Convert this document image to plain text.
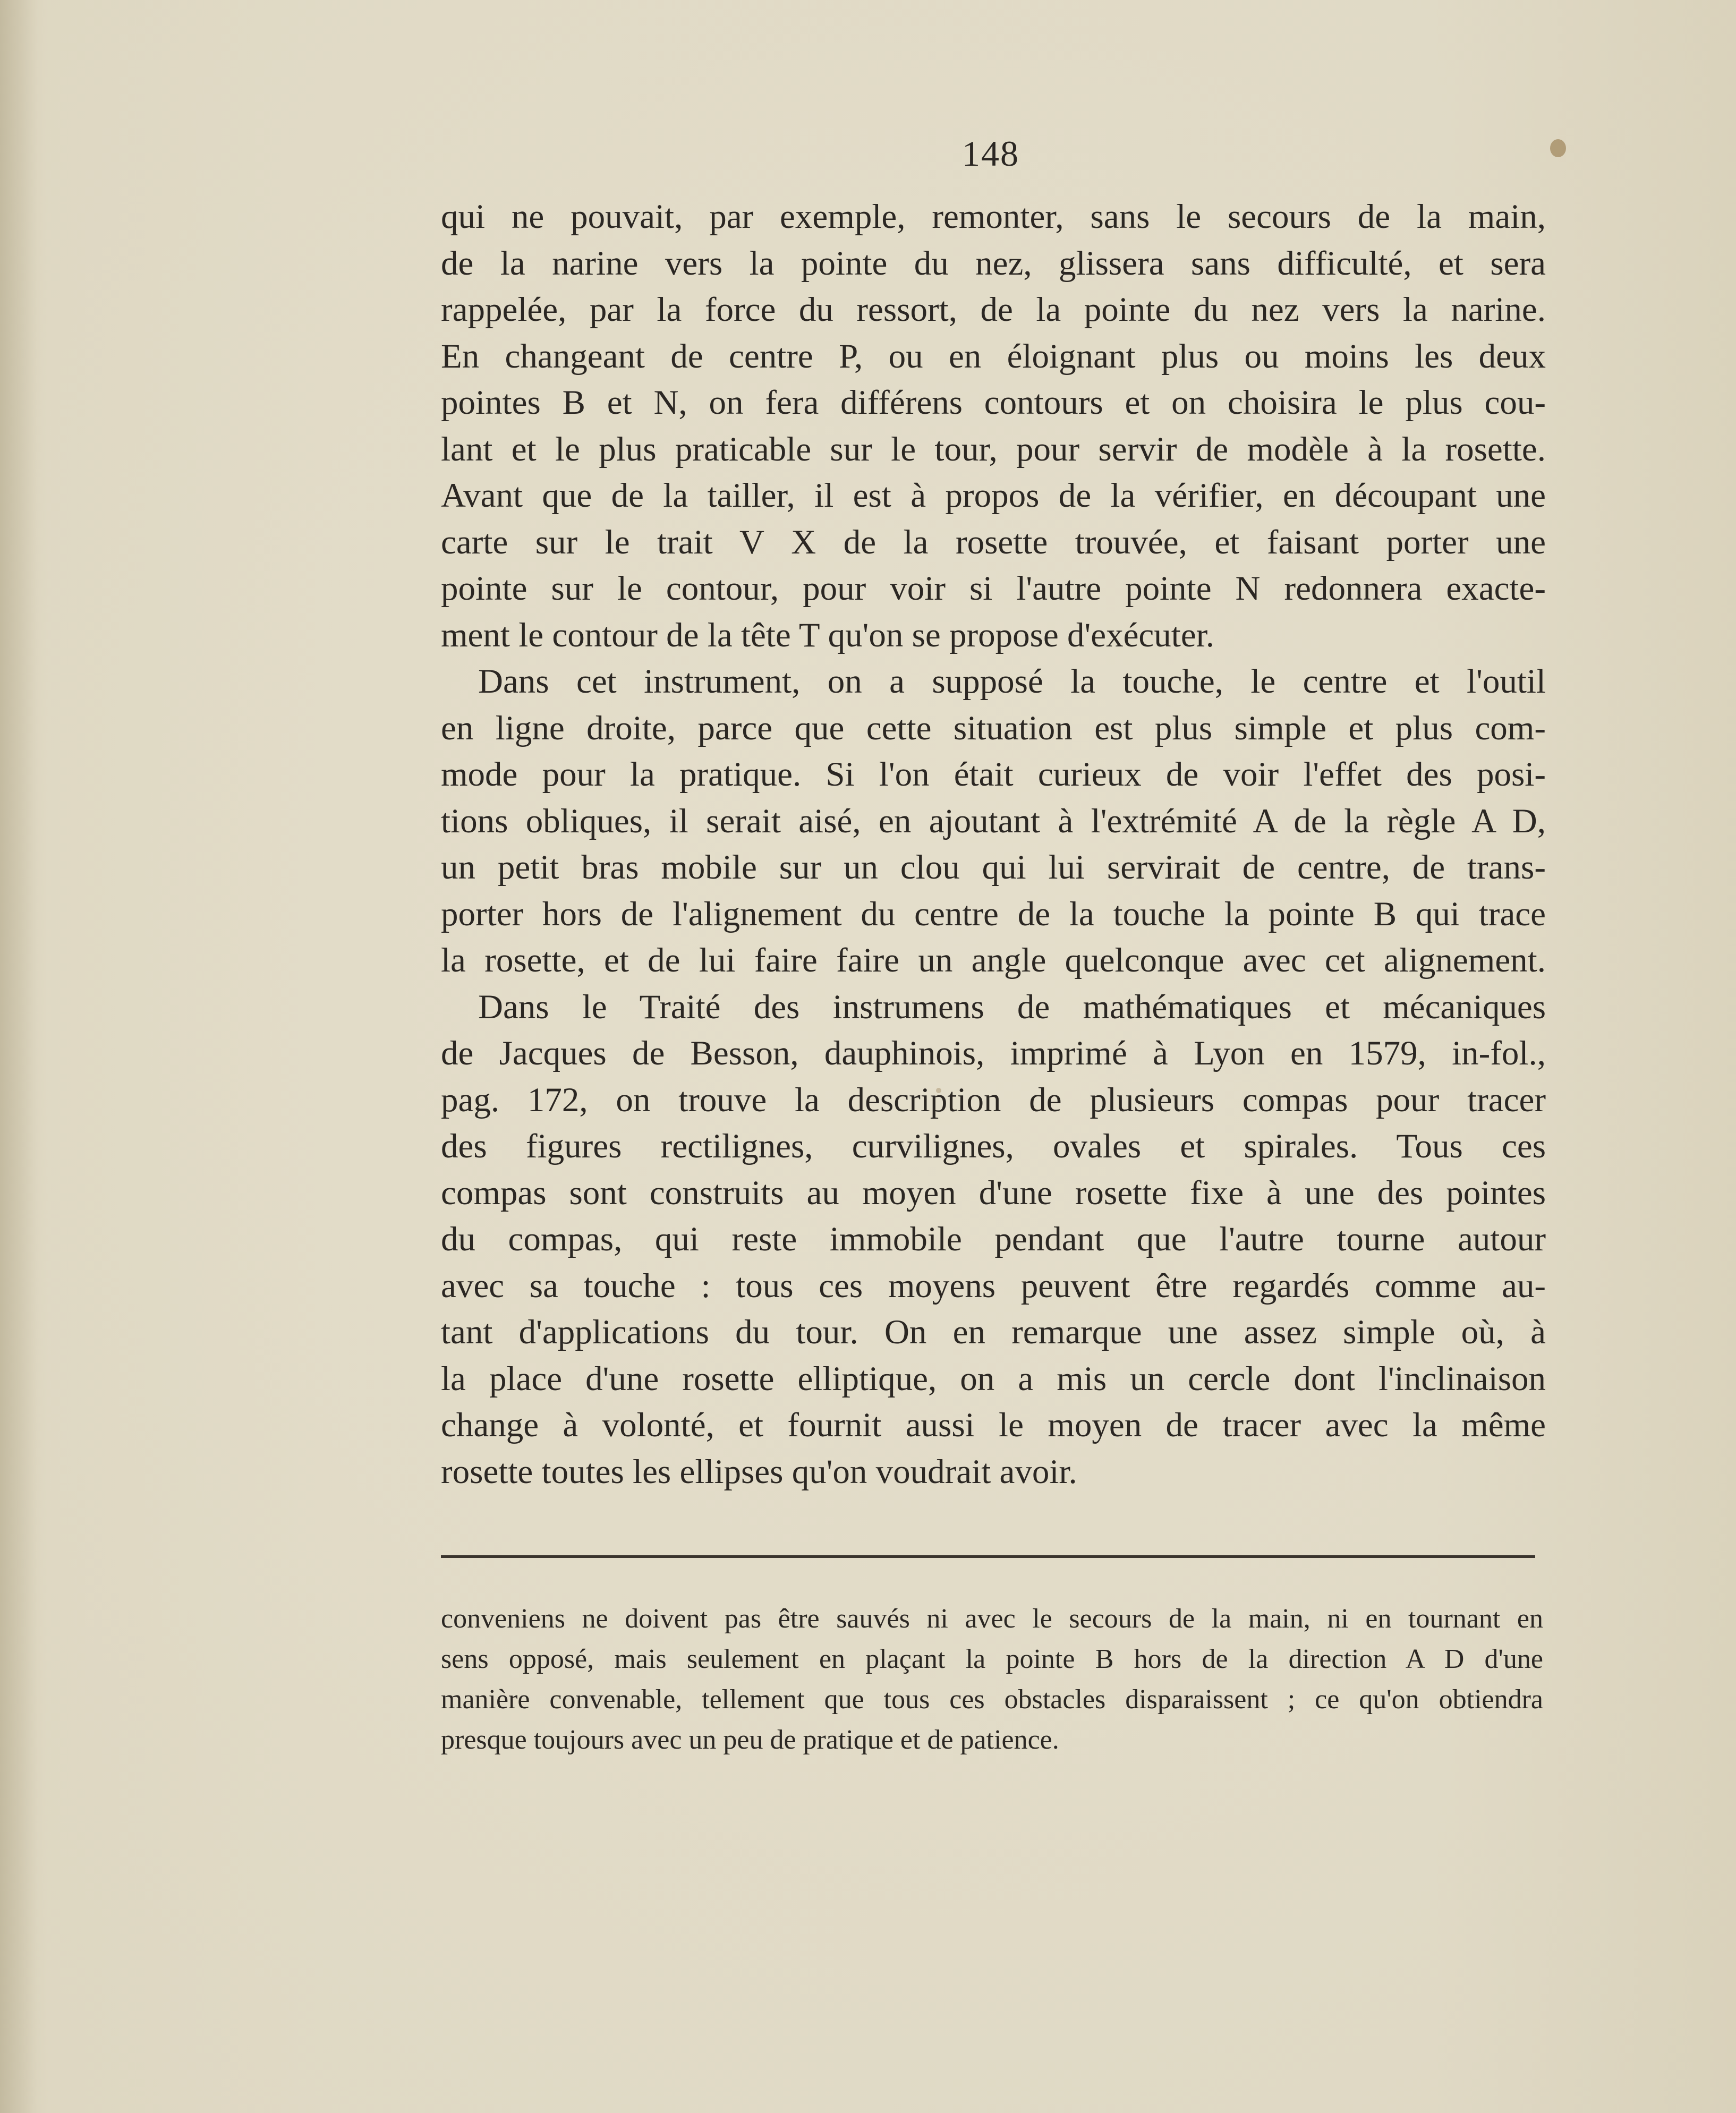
148
qui ne pouvait, par exemple, remonter, sans le secours de la main,
de la narine vers la pointe du nez, glissera sans difficulté, et sera
rappelée, par la force du ressort, de la pointe du nez vers la narine.
En changeant de centre P, ou en éloignant plus ou moins les deux
pointes B et N, on fera différens contours et on choisira le plus cou-
lant et le plus praticable sur le tour, pour servir de modèle à la rosette.
Avant que de la tailler, il est à propos de la vérifier, en découpant une
carte sur le trait V X de la rosette trouvée, et faisant porter une
pointe sur le contour, pour voir si l'autre pointe N redonnera exacte-
ment le contour de la tête T qu'on se propose d'exécuter.
Dans cet instrument, on a supposé la touche, le centre et l'outil
en ligne droite, parce que cette situation est plus simple et plus com-
mode pour la pratique. Si l'on était curieux de voir l'effet des posi-
tions obliques, il serait aisé, en ajoutant à l'extrémité A de la règle A D,
un petit bras mobile sur un clou qui lui servirait de centre, de trans-
porter hors de l'alignement du centre de la touche la pointe B qui trace
la rosette, et de lui faire faire un angle quelconque avec cet alignement.
Dans le Traité des instrumens de mathématiques et mécaniques
de Jacques de Besson, dauphinois, imprimé à Lyon en 1579, in-fol.,
pag. 172, on trouve la description de plusieurs compas pour tracer
des figures rectilignes, curvilignes, ovales et spirales. Tous ces
compas sont construits au moyen d'une rosette fixe à une des pointes
du compas, qui reste immobile pendant que l'autre tourne autour
avec sa touche : tous ces moyens peuvent être regardés comme au-
tant d'applications du tour. On en remarque une assez simple où, à
la place d'une rosette elliptique, on a mis un cercle dont l'inclinaison
change à volonté, et fournit aussi le moyen de tracer avec la même
rosette toutes les ellipses qu'on voudrait avoir.
conveniens ne doivent pas être sauvés ni avec le secours de la main, ni en tournant en
sens opposé, mais seulement en plaçant la pointe B hors de la direction A D d'une
manière convenable, tellement que tous ces obstacles disparaissent ; ce qu'on obtiendra
presque toujours avec un peu de pratique et de patience.
